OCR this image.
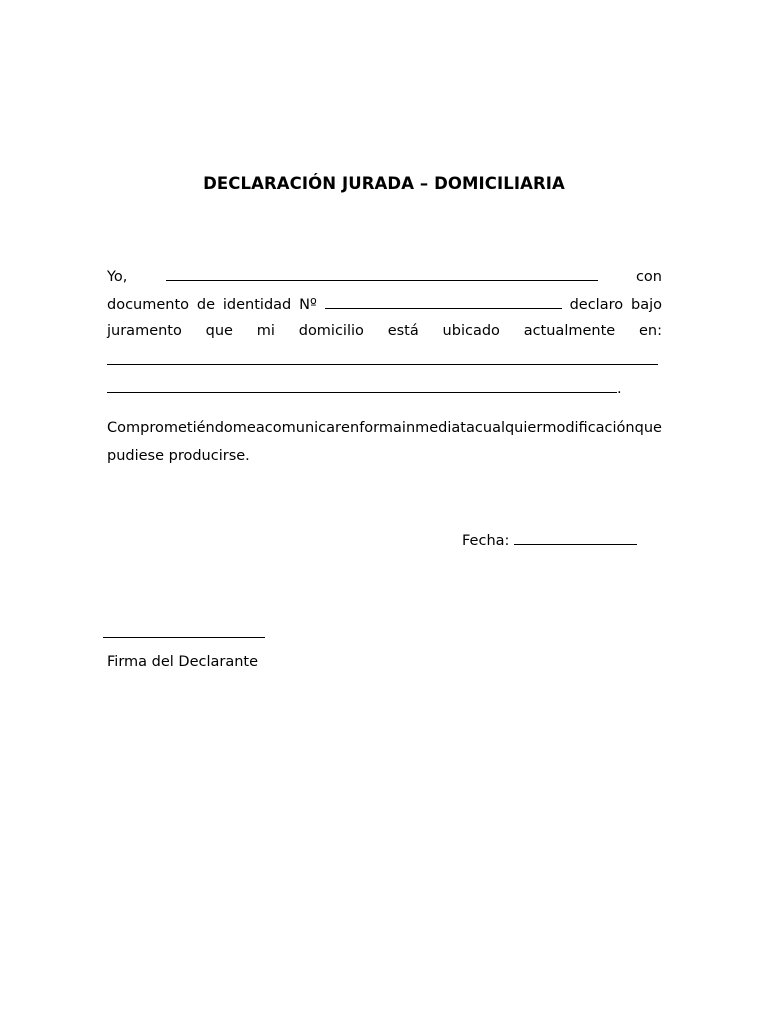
DECLARACIÓN JURADA – DOMICILIARIA
Yo,	con
documento de identidad Nº	declaro bajo
juramento que mi domicilio está ubicado actualmente en:
.
Comprometiéndome a comunicar en forma inmediata cualquier modificación que
pudiese producirse.
Fecha:
Firma del Declarante
